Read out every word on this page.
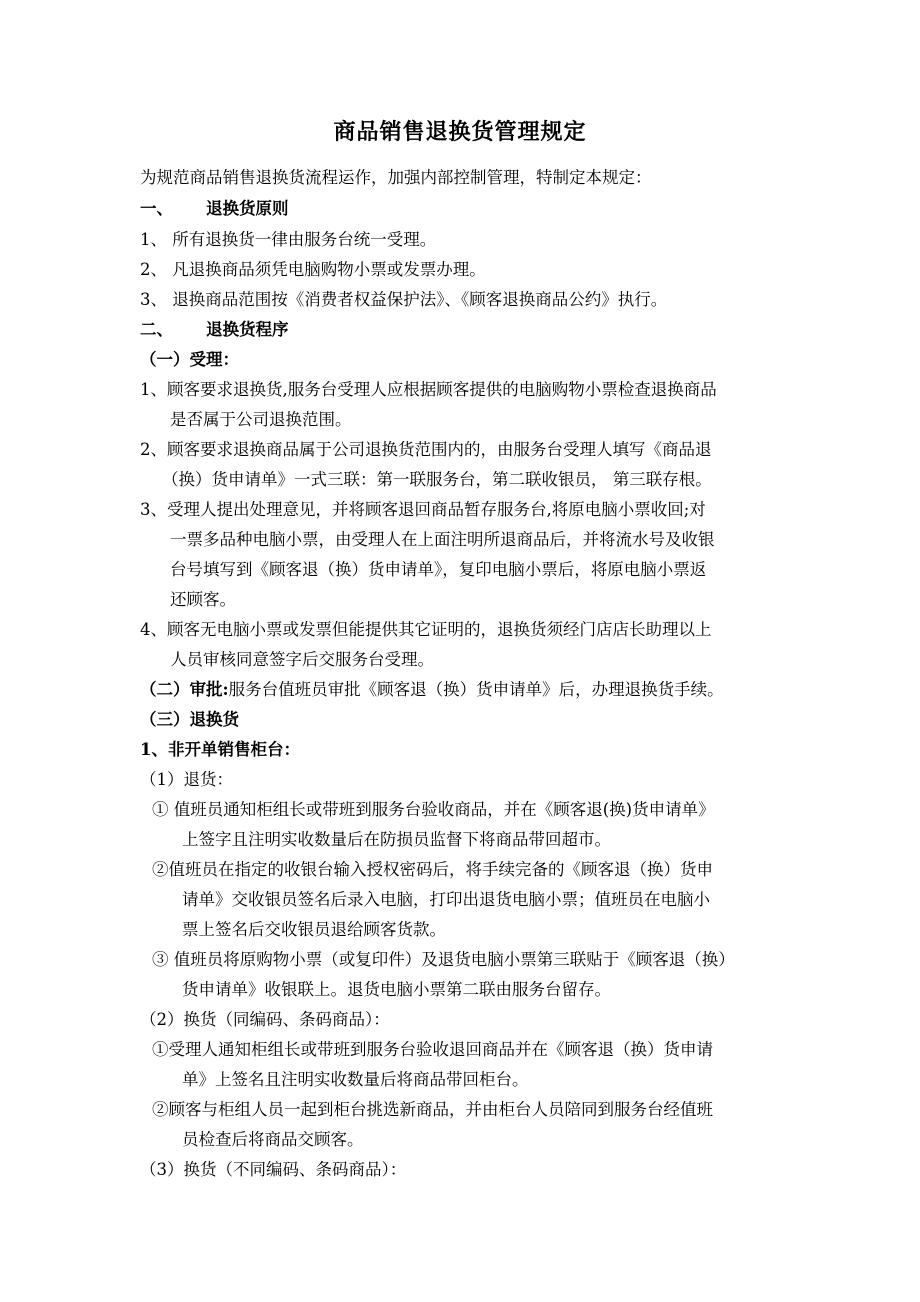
商品销售退换货管理规定
为规范商品销售退换货流程运作，加强内部控制管理，特制定本规定：
一、 退换货原则
1、 所有退换货一律由服务台统一受理。
2、 凡退换商品须凭电脑购物小票或发票办理。
3、 退换商品范围按《消费者权益保护法》、《顾客退换商品公约》执行。
二、 退换货程序
（一）受理：
1、顾客要求退换货,服务台受理人应根据顾客提供的电脑购物小票检查退换商品
是否属于公司退换范围。
2、顾客要求退换商品属于公司退换货范围内的，由服务台受理人填写《商品退
（换）货申请单》一式三联：第一联服务台，第二联收银员， 第三联存根。
3、受理人提出处理意见，并将顾客退回商品暂存服务台,将原电脑小票收回;对
一票多品种电脑小票，由受理人在上面注明所退商品后，并将流水号及收银
台号填写到《顾客退（换）货申请单》，复印电脑小票后，将原电脑小票返
还顾客。
4、顾客无电脑小票或发票但能提供其它证明的，退换货须经门店店长助理以上
人员审核同意签字后交服务台受理。
（二）审批:服务台值班员审批《顾客退（换）货申请单》后，办理退换货手续。
（三）退换货
1、非开单销售柜台：
（1）退货：
① 值班员通知柜组长或带班到服务台验收商品，并在《顾客退(换)货申请单》
上签字且注明实收数量后在防损员监督下将商品带回超市。
②值班员在指定的收银台输入授权密码后，将手续完备的《顾客退（换）货申
请单》交收银员签名后录入电脑，打印出退货电脑小票；值班员在电脑小
票上签名后交收银员退给顾客货款。
③ 值班员将原购物小票（或复印件）及退货电脑小票第三联贴于《顾客退（换）
货申请单》收银联上。退货电脑小票第二联由服务台留存。
（2）换货（同编码、条码商品）：
①受理人通知柜组长或带班到服务台验收退回商品并在《顾客退（换）货申请
单》上签名且注明实收数量后将商品带回柜台。
②顾客与柜组人员一起到柜台挑选新商品，并由柜台人员陪同到服务台经值班
员检查后将商品交顾客。
（3）换货（不同编码、条码商品）：
